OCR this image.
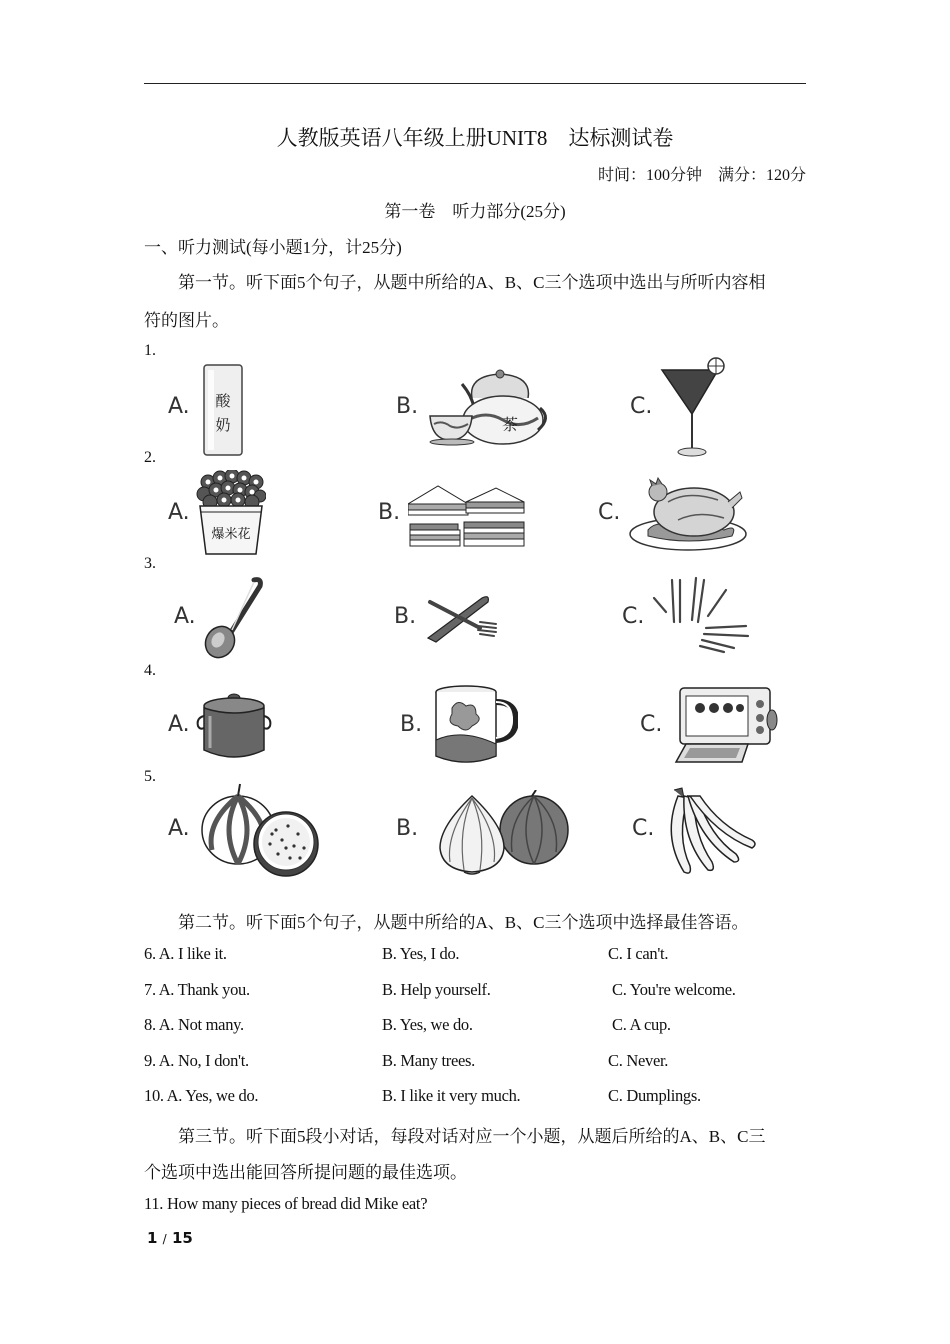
人教版英语八年级上册UNIT8　达标测试卷
时间：100分钟　满分：120分
第一卷　听力部分(25分)
一、听力测试(每小题1分，计25分)
第一节。听下面5个句子，从题中所给的A、B、C三个选项中选出与所听内容相
符的图片。
1.
A.	B.	C.
酸
奶	茶
2.
A.	B.	C.
爆米花
3.
A.	B.	C.
4.
A.	B.	C.
5.
A.	B.	C.
第二节。听下面5个句子，从题中所给的A、B、C三个选项中选择最佳答语。
6. A. I like it.	B. Yes, I do.	C. I can't.
7. A. Thank you.	B. Help yourself.	C. You're welcome.
8. A. Not many.	B. Yes, we do.	C. A cup.
9. A. No, I don't.	B. Many trees.	C. Never.
10. A. Yes, we do.	B. I like it very much.	C. Dumplings.
第三节。听下面5段小对话，每段对话对应一个小题，从题后所给的A、B、C三
个选项中选出能回答所提问题的最佳选项。
11. How many pieces of bread did Mike eat?
1 / 15
